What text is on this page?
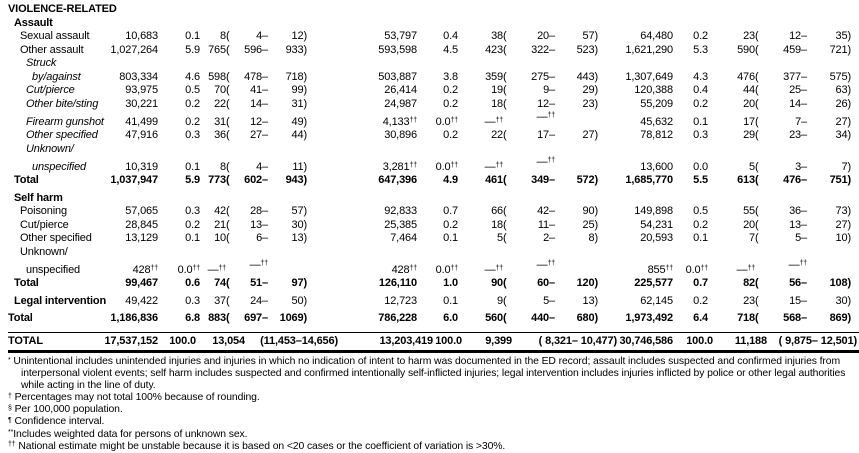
VIOLENCE-RELATED
Assault
Sexual assault	10,683	0.1	8 ( 4–	12)	53,797	0.4	38 (	20–	57)	64,480	0.2	23 (	12–	35)
Other assault	1,027,264	5.9 765 ( 596–	933)	593,598	4.5	423 ( 322–	523)	1,621,290	5.3	590 ( 459–	721)
Struck
by/against	803,334	4.6 598 ( 478–	718)	503,887	3.8	359 ( 275–	443)	1,307,649	4.3	476 ( 377–	575)
Cut/pierce	93,975	0.5	70 ( 41–	99)	26,414	0.2	19 (	9–	29)	120,388	0.4	44 (	25–	63)
Other bite/sting	30,221	0.2	22 ( 14–	31)	24,987	0.2	18 (	12–	23)	55,209	0.2	20 (	14–	26)
Firearm gunshot	41,499	0.2	31 ( 12–	49)	4,133††	0.0††	—††	—††	45,632	0.1	17 (	7–	27)
Other specified	47,916	0.3	36 ( 27–	44)	30,896	0.2	22 (	17–	27)	78,812	0.3	29 (	23–	34)
Unknown/
unspecified	10,319	0.1	8 ( 4–	11)	3,281††	0.0††	—††	—††	13,600	0.0	5 (	3–	7)
Total	1,037,947	5.9 773 ( 602–	943)	647,396	4.9	461 ( 349–	572)	1,685,770	5.5	613 ( 476–	751)
Self harm
Poisoning	57,065	0.3	42 ( 28–	57)	92,833	0.7	66 (	42–	90)	149,898	0.5	55 (	36–	73)
Cut/pierce	28,845	0.2	21 ( 13–	30)	25,385	0.2	18 (	11–	25)	54,231	0.2	20 (	13–	27)
Other specified	13,129	0.1	10 ( 6–	13)	7,464	0.1	5 (	2–	8)	20,593	0.1	7 (	5–	10)
Unknown/
unspecified	428††	0.0†† —†† —††	428††	0.0††	—††	—††	855††	0.0††	—††	—††
Total	99,467	0.6	74 ( 51–	97)	126,110	1.0	90 (	60–	120)	225,577	0.7	82 (	56–	108)
Legal intervention	49,422	0.3	37 ( 24–	50)	12,723	0.1	9 (	5–	13)	62,145	0.2	23 (	15–	30)
Total	1,186,836	6.8 883 ( 697–	1069)	786,228	6.0	560 ( 440–	680)	1,973,492	6.4	718 ( 568–	869)
TOTAL	17,537,152	100.0	13,054	(11,453–14,656)	13,203,419 100.0	9,399	( 8,321– 10,477) 30,746,586	100.0	11,188	( 9,875– 12,501)
* Unintentional includes unintended injuries and injuries in which no indication of intent to harm was documented in the ED record; assault includes suspected and confirmed injuries from interpersonal violent events; self harm includes suspected and confirmed intentionally self-inflicted injuries; legal intervention includes injuries inflicted by police or other legal authorities while acting in the line of duty.
† Percentages may not total 100% because of rounding.
§ Per 100,000 population.
¶ Confidence interval.
**Includes weighted data for persons of unknown sex.
†† National estimate might be unstable because it is based on <20 cases or the coefficient of variation is >30%.
